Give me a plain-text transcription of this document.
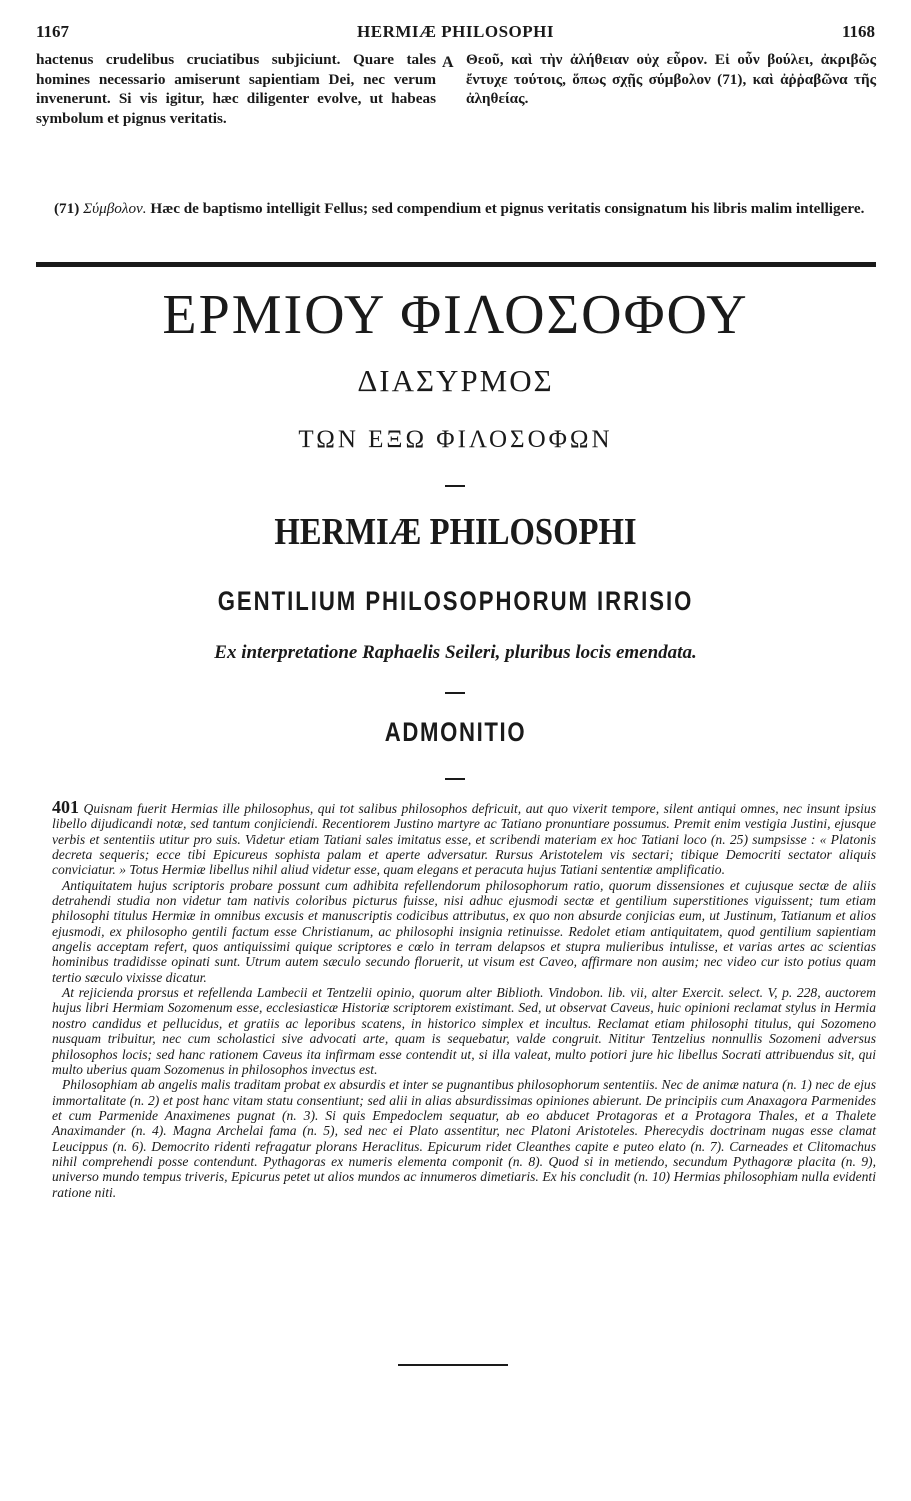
1167	HERMIÆ PHILOSOPHI	1168

hactenus crudelibus cruciatibus subjiciunt. Quare tales homines necessario amiserunt sapientiam Dei, nec verum invenerunt. Si vis igitur, hæc diligenter evolve, ut habeas symbolum et pignus veritatis.

A Θεοῦ, καὶ τὴν ἀλήθειαν οὐχ εὗρον. Εἰ οὖν βούλει, ἀκριβῶς ἔντυχε τούτοις, ὅπως σχῇς σύμβολον (71), καὶ ἀῤῥαβῶνα τῆς ἀληθείας.

(71) Σύμβολον. Hæc de baptismo intelligit Fellus; sed compendium et pignus veritatis consignatum his libris malim intelligere.

ΕΡΜΙΟΥ ΦΙΛΟΣΟΦΟΥ
ΔΙΑΣΥΡΜΟΣ
ΤΩΝ ΕΞΩ ΦΙΛΟΣΟΦΩΝ
HERMIÆ PHILOSOPHI
GENTILIUM PHILOSOPHORUM IRRISIO
Ex interpretatione Raphaelis Seileri, pluribus locis emendata.
ADMONITIO

401 Quisnam fuerit Hermias ille philosophus, qui tot salibus philosophos defricuit, aut quo vixerit tempore, silent antiqui omnes, nec insunt ipsius libello dijudicandi notæ, sed tantum conjiciendi. Recentiorem Justino martyre ac Tatiano pronuntiare possumus. Premit enim vestigia Justini, ejusque verbis et sententiis utitur pro suis. Videtur etiam Tatiani sales imitatus esse, et scribendi materiam ex hoc Tatiani loco (n. 25) sumpsisse : « Platonis decreta sequeris; ecce tibi Epicureus sophista palam et aperte adversatur. Rursus Aristotelem vis sectari; tibique Democriti sectator aliquis conviciatur. » Totus Hermiæ libellus nihil aliud videtur esse, quam elegans et peracuta hujus Tatiani sententiæ amplificatio.

Antiquitatem hujus scriptoris probare possunt cum adhibita refellendorum philosophorum ratio, quorum dissensiones et cujusque sectæ de aliis detrahendi studia non videtur tam nativis coloribus picturus fuisse, nisi adhuc ejusmodi sectæ et gentilium superstitiones viguissent; tum etiam philosophi titulus Hermiæ in omnibus excusis et manuscriptis codicibus attributus, ex quo non absurde conjicias eum, ut Justinum, Tatianum et alios ejusmodi, ex philosopho gentili factum esse Christianum, ac philosophi insignia retinuisse. Redolet etiam antiquitatem, quod gentilium sapientiam angelis acceptam refert, quos antiquissimi quique scriptores e cœlo in terram delapsos et stupra mulieribus intulisse, et varias artes ac scientias hominibus tradidisse opinati sunt. Utrum autem sæculo secundo floruerit, ut visum est Caveo, affirmare non ausim; nec video cur isto potius quam tertio sæculo vixisse dicatur.

At rejicienda prorsus et refellenda Lambecii et Tentzelii opinio, quorum alter Biblioth. Vindobon. lib. vii, alter Exercit. select. V, p. 228, auctorem hujus libri Hermiam Sozomenum esse, ecclesiasticæ Historiæ scriptorem existimant. Sed, ut observat Caveus, huic opinioni reclamat stylus in Hermia nostro candidus et pellucidus, et gratiis ac leporibus scatens, in historico simplex et incultus. Reclamat etiam philosophi titulus, qui Sozomeno nusquam tribuitur, nec cum scholastici sive advocati arte, quam is sequebatur, valde congruit. Nititur Tentzelius nonnullis Sozomeni adversus philosophos locis; sed hanc rationem Caveus ita infirmam esse contendit ut, si illa valeat, multo potiori jure hic libellus Socrati attribuendus sit, qui multo uberius quam Sozomenus in philosophos invectus est.

Philosophiam ab angelis malis traditam probat ex absurdis et inter se pugnantibus philosophorum sententiis. Nec de animæ natura (n. 1) nec de ejus immortalitate (n. 2) et post hanc vitam statu consentiunt; sed alii in alias absurdissimas opiniones abierunt. De principiis cum Anaxagora Parmenides et cum Parmenide Anaximenes pugnat (n. 3). Si quis Empedoclem sequatur, ab eo abducet Protagoras et a Protagora Thales, et a Thalete Anaximander (n. 4). Magna Archelai fama (n. 5), sed nec ei Plato assentitur, nec Platoni Aristoteles. Pherecydis doctrinam nugas esse clamat Leucippus (n. 6). Democrito ridenti refragatur plorans Heraclitus. Epicurum ridet Cleanthes capite e puteo elato (n. 7). Carneades et Clitomachus nihil comprehendi posse contendunt. Pythagoras ex numeris elementa componit (n. 8). Quod si in metiendo, secundum Pythagoræ placita (n. 9), universo mundo tempus triveris, Epicurus petet ut alios mundos ac innumeros dimetiaris. Ex his concludit (n. 10) Hermias philosophiam nulla evidenti ratione niti.
